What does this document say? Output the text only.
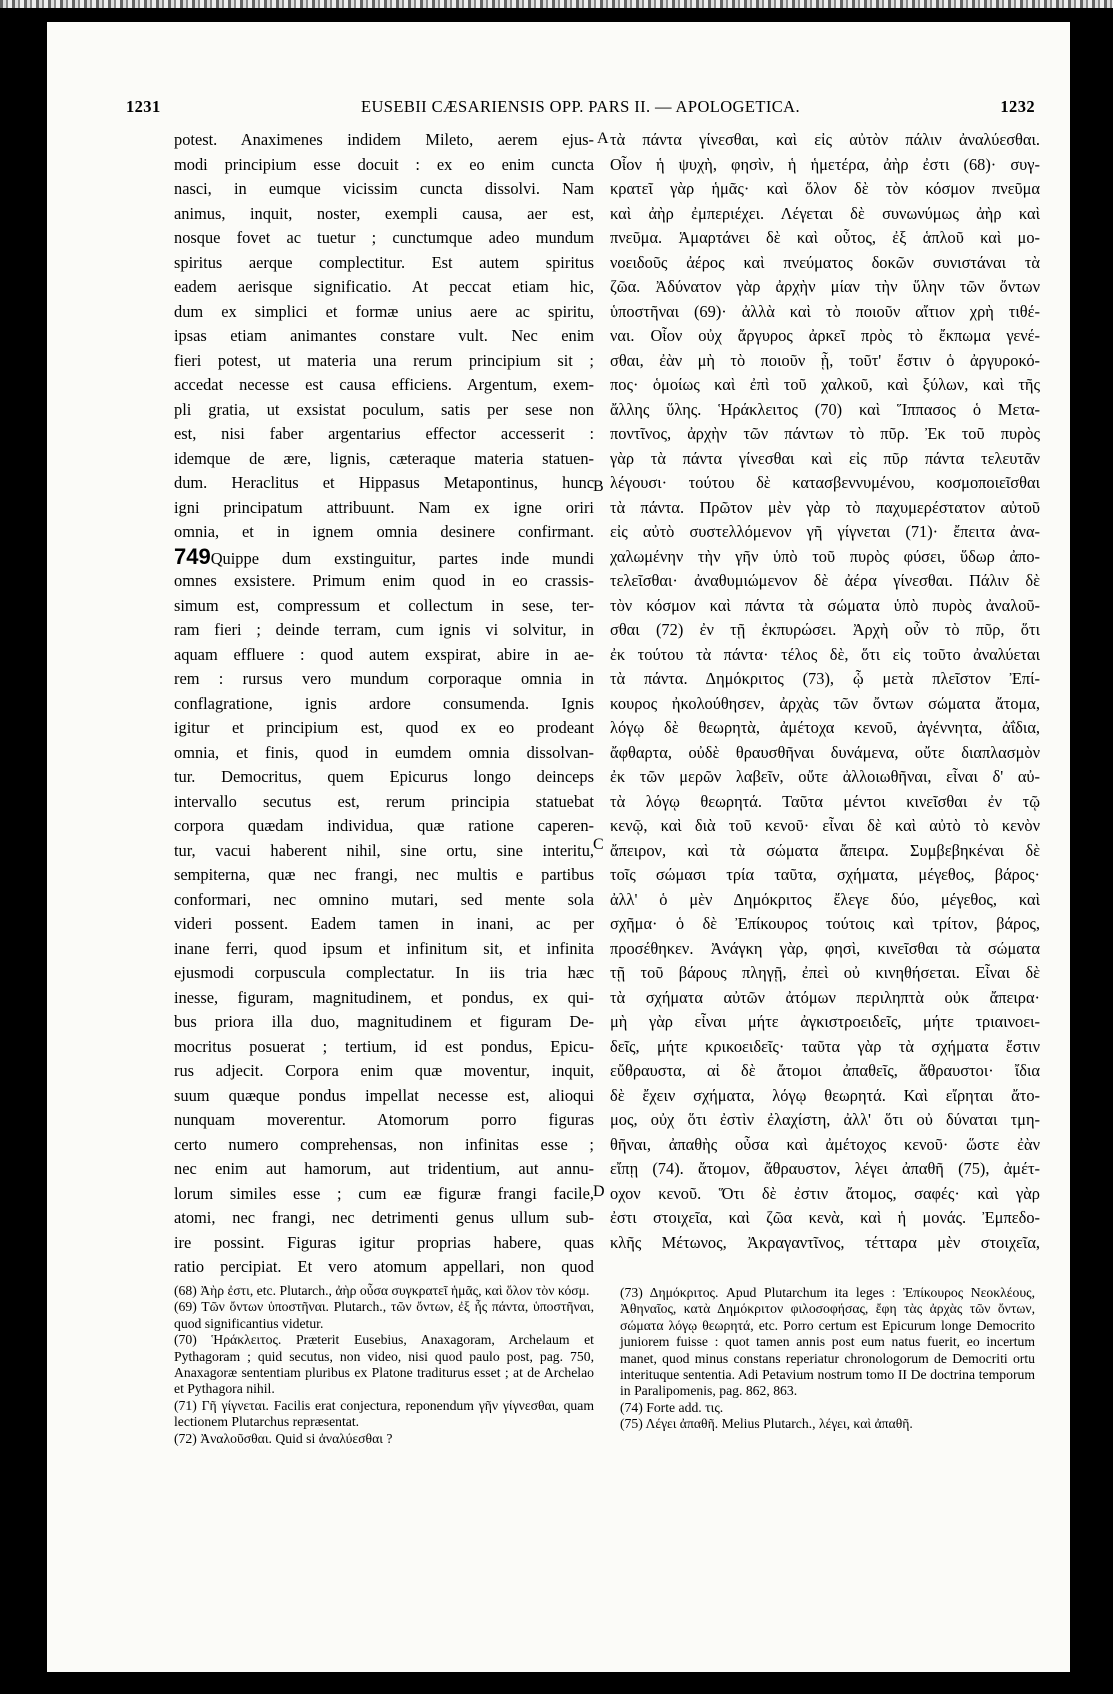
1231	EUSEBII CÆSARIENSIS OPP. PARS II. — APOLOGETICA.	1232
potest. Anaximenes indidem Mileto, aerem ejus-
modi principium esse docuit : ex eo enim cuncta
nasci, in eumque vicissim cuncta dissolvi. Nam
animus, inquit, noster, exempli causa, aer est,
nosque fovet ac tuetur ; cunctumque adeo mundum
spiritus aerque complectitur. Est autem spiritus
eadem aerisque significatio. At peccat etiam hic,
dum ex simplici et formæ unius aere ac spiritu,
ipsas etiam animantes constare vult. Nec enim
fieri potest, ut materia una rerum principium sit ;
accedat necesse est causa efficiens. Argentum, exem-
pli gratia, ut exsistat poculum, satis per sese non
est, nisi faber argentarius effector accesserit :
idemque de ære, lignis, cæteraque materia statuen-
dum. Heraclitus et Hippasus Metapontinus, hunc
igni principatum attribuunt. Nam ex igne oriri
omnia, et in ignem omnia desinere confirmant.
749Quippe dum exstinguitur, partes inde mundi
omnes exsistere. Primum enim quod in eo crassis-
simum est, compressum et collectum in sese, ter-
ram fieri ; deinde terram, cum ignis vi solvitur, in
aquam effluere : quod autem exspirat, abire in ae-
rem : rursus vero mundum corporaque omnia in
conflagratione, ignis ardore consumenda. Ignis
igitur et principium est, quod ex eo prodeant
omnia, et finis, quod in eumdem omnia dissolvan-
tur. Democritus, quem Epicurus longo deinceps
intervallo secutus est, rerum principia statuebat
corpora quædam individua, quæ ratione caperen-
tur, vacui haberent nihil, sine ortu, sine interitu,
sempiterna, quæ nec frangi, nec multis e partibus
conformari, nec omnino mutari, sed mente sola
videri possent. Eadem tamen in inani, ac per
inane ferri, quod ipsum et infinitum sit, et infinita
ejusmodi corpuscula complectatur. In iis tria hæc
inesse, figuram, magnitudinem, et pondus, ex qui-
bus priora illa duo, magnitudinem et figuram De-
mocritus posuerat ; tertium, id est pondus, Epicu-
rus adjecit. Corpora enim quæ moventur, inquit,
suum quæque pondus impellat necesse est, alioqui
nunquam moverentur. Atomorum porro figuras
certo numero comprehensas, non infinitas esse ;
nec enim aut hamorum, aut tridentium, aut annu-
lorum similes esse ; cum eæ figuræ frangi facile,
atomi, nec frangi, nec detrimenti genus ullum sub-
ire possint. Figuras igitur proprias habere, quas
ratio percipiat. Et vero atomum appellari, non quod
τὰ πάντα γίνεσθαι, καὶ εἰς αὐτὸν πάλιν ἀναλύεσθαι.
Οἷον ἡ ψυχὴ, φησὶν, ἡ ἡμετέρα, ἀὴρ ἐστι (68)· συγ-
κρατεῖ γὰρ ἡμᾶς· καὶ ὅλον δὲ τὸν κόσμον πνεῦμα
καὶ ἀὴρ ἐμπεριέχει. Λέγεται δὲ συνωνύμως ἀὴρ καὶ
πνεῦμα. Ἁμαρτάνει δὲ καὶ οὗτος, ἐξ ἁπλοῦ καὶ μο-
νοειδοῦς ἀέρος καὶ πνεύματος δοκῶν συνιστάναι τὰ
ζῶα. Ἀδύνατον γὰρ ἀρχὴν μίαν τὴν ὕλην τῶν ὄντων
ὑποστῆναι (69)· ἀλλὰ καὶ τὸ ποιοῦν αἴτιον χρὴ τιθέ-
ναι. Οἷον οὐχ ἄργυρος ἀρκεῖ πρὸς τὸ ἔκπωμα γενέ-
σθαι, ἐὰν μὴ τὸ ποιοῦν ᾖ, τοῦτ' ἔστιν ὁ ἀργυροκό-
πος· ὁμοίως καὶ ἐπὶ τοῦ χαλκοῦ, καὶ ξύλων, καὶ τῆς
ἄλλης ὕλης. Ἡράκλειτος (70) καὶ Ἵππασος ὁ Μετα-
ποντῖνος, ἀρχὴν τῶν πάντων τὸ πῦρ. Ἐκ τοῦ πυρὸς
γὰρ τὰ πάντα γίνεσθαι καὶ εἰς πῦρ πάντα τελευτᾶν
λέγουσι· τούτου δὲ κατασβεννυμένου, κοσμοποιεῖσθαι
τὰ πάντα. Πρῶτον μὲν γὰρ τὸ παχυμερέστατον αὐτοῦ
εἰς αὐτὸ συστελλόμενον γῆ γίγνεται (71)· ἔπειτα ἀνα-
χαλωμένην τὴν γῆν ὑπὸ τοῦ πυρὸς φύσει, ὕδωρ ἀπο-
τελεῖσθαι· ἀναθυμιώμενον δὲ ἀέρα γίνεσθαι. Πάλιν δὲ
τὸν κόσμον καὶ πάντα τὰ σώματα ὑπὸ πυρὸς ἀναλοῦ-
σθαι (72) ἐν τῇ ἐκπυρώσει. Ἀρχὴ οὖν τὸ πῦρ, ὅτι
ἐκ τούτου τὰ πάντα· τέλος δὲ, ὅτι εἰς τοῦτο ἀναλύεται
τὰ πάντα. Δημόκριτος (73), ᾧ μετὰ πλεῖστον Ἐπί-
κουρος ἠκολούθησεν, ἀρχὰς τῶν ὄντων σώματα ἄτομα,
λόγῳ δὲ θεωρητὰ, ἀμέτοχα κενοῦ, ἀγέννητα, ἀΐδια,
ἄφθαρτα, οὐδὲ θραυσθῆναι δυνάμενα, οὔτε διαπλασμὸν
ἐκ τῶν μερῶν λαβεῖν, οὔτε ἀλλοιωθῆναι, εἶναι δ' αὐ-
τὰ λόγῳ θεωρητά. Ταῦτα μέντοι κινεῖσθαι ἐν τῷ
κενῷ, καὶ διὰ τοῦ κενοῦ· εἶναι δὲ καὶ αὐτὸ τὸ κενὸν
ἄπειρον, καὶ τὰ σώματα ἄπειρα. Συμβεβηκέναι δὲ
τοῖς σώμασι τρία ταῦτα, σχήματα, μέγεθος, βάρος·
ἀλλ' ὁ μὲν Δημόκριτος ἔλεγε δύο, μέγεθος, καὶ
σχῆμα· ὁ δὲ Ἐπίκουρος τούτοις καὶ τρίτον, βάρος,
προσέθηκεν. Ἀνάγκη γὰρ, φησὶ, κινεῖσθαι τὰ σώματα
τῇ τοῦ βάρους πληγῇ, ἐπεὶ οὐ κινηθήσεται. Εἶναι δὲ
τὰ σχήματα αὐτῶν ἀτόμων περιληπτὰ οὐκ ἄπειρα·
μὴ γὰρ εἶναι μήτε ἀγκιστροειδεῖς, μήτε τριαινοει-
δεῖς, μήτε κρικοειδεῖς· ταῦτα γὰρ τὰ σχήματα ἔστιν
εὔθραυστα, αἱ δὲ ἄτομοι ἀπαθεῖς, ἄθραυστοι· ἴδια
δὲ ἔχειν σχήματα, λόγῳ θεωρητά. Καὶ εἴρηται ἄτο-
μος, οὐχ ὅτι ἐστὶν ἐλαχίστη, ἀλλ' ὅτι οὐ δύναται τμη-
θῆναι, ἀπαθὴς οὖσα καὶ ἀμέτοχος κενοῦ· ὥστε ἐὰν
εἴπῃ (74). ἄτομον, ἄθραυστον, λέγει ἀπαθῆ (75), ἀμέτ-
οχον κενοῦ. Ὅτι δὲ ἐστιν ἄτομος, σαφές· καὶ γὰρ
ἐστι στοιχεῖα, καὶ ζῶα κενὰ, καὶ ἡ μονάς. Ἐμπεδο-
κλῆς Μέτωνος, Ἀκραγαντῖνος, τέτταρα μὲν στοιχεῖα,
A
B
C
D
(68) Ἀὴρ ἐστι, etc. Plutarch., ἀὴρ οὖσα συγκρατεῖ ἡμᾶς, καὶ ὅλον τὸν κόσμ.
(69) Τῶν ὄντων ὑποστῆναι. Plutarch., τῶν ὄντων, ἐξ ἧς πάντα, ὑποστῆναι, quod significantius videtur.
(70) Ἡράκλειτος. Præterit Eusebius, Anaxagoram, Archelaum et Pythagoram ; quid secutus, non video, nisi quod paulo post, pag. 750, Anaxagoræ sententiam pluribus ex Platone traditurus esset ; at de Archelao et Pythagora nihil.
(71) Γῆ γίγνεται. Facilis erat conjectura, reponendum γῆν γίγνεσθαι, quam lectionem Plutarchus repræsentat.
(72) Ἀναλοῦσθαι. Quid si ἀναλύεσθαι ?
(73) Δημόκριτος. Apud Plutarchum ita leges : Ἐπίκουρος Νεοκλέους, Ἀθηναῖος, κατὰ Δημόκριτον φιλοσοφήσας, ἔφη τὰς ἀρχὰς τῶν ὄντων, σώματα λόγῳ θεωρητά, etc. Porro certum est Epicurum longe Democrito juniorem fuisse : quot tamen annis post eum natus fuerit, eo incertum manet, quod minus constans reperiatur chronologorum de Democriti ortu interituque sententia. Adi Petavium nostrum tomo II De doctrina temporum in Paralipomenis, pag. 862, 863.
(74) Forte add. τις.
(75) Λέγει ἀπαθῆ. Melius Plutarch., λέγει, καὶ ἀπαθῆ.
